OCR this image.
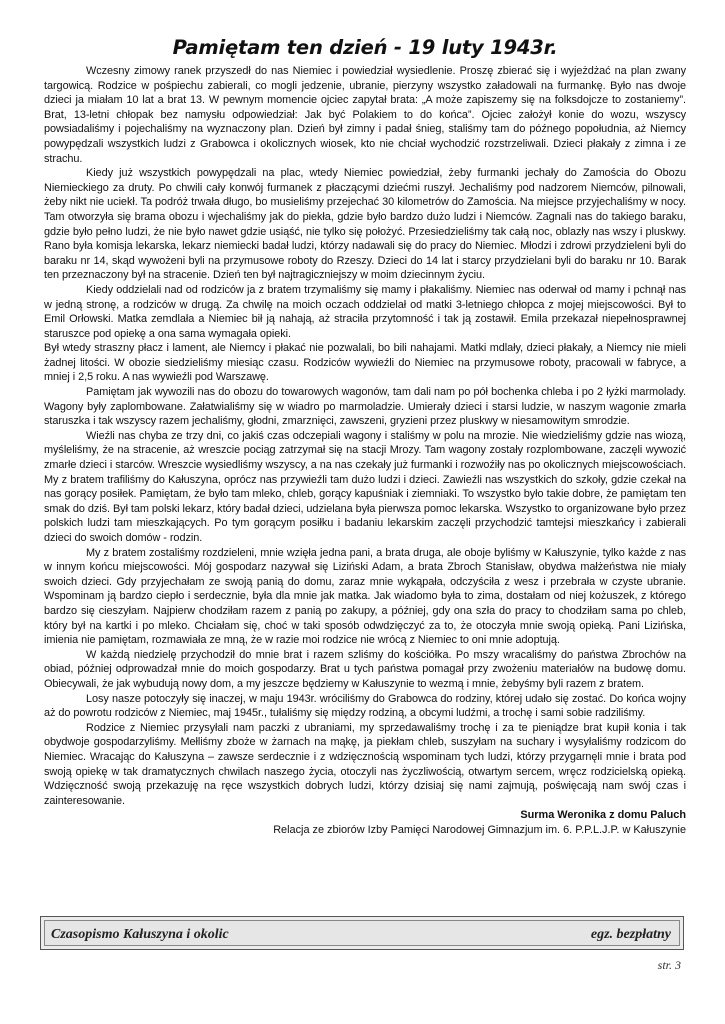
Pamiętam ten dzień - 19 luty 1943r.

Wczesny zimowy ranek przyszedł do nas Niemiec i powiedział wysiedlenie. Proszę zbierać się i wyjeżdżać na plan zwany targowicą. Rodzice w pośpiechu zabierali, co mogli jedzenie, ubranie, pierzyny wszystko załadowali na furmankę. Było nas dwoje dzieci ja miałam 10 lat a brat 13. W pewnym momencie ojciec zapytał brata: „A może zapiszemy się na folksdojcze to zostaniemy”. Brat, 13-letni chłopak bez namysłu odpowiedział: Jak być Polakiem to do końca”. Ojciec założył konie do wozu, wszyscy powsiadaliśmy i pojechaliśmy na wyznaczony plan. Dzień był zimny i padał śnieg, staliśmy tam do późnego popołudnia, aż Niemcy powypędzali wszystkich ludzi z Grabowca i okolicznych wiosek, kto nie chciał wychodzić rozstrzeliwali. Dzieci płakały z zimna i ze strachu.

Kiedy już wszystkich powypędzali na plac, wtedy Niemiec powiedział, żeby furmanki jechały do Zamościa do Obozu Niemieckiego za druty. Po chwili cały konwój furmanek z płaczącymi dziećmi ruszył. Jechaliśmy pod nadzorem Niemców, pilnowali, żeby nikt nie uciekł. Ta podróż trwała długo, bo musieliśmy przejechać 30 kilometrów do Zamościa. Na miejsce przyjechaliśmy w nocy. Tam otworzyła się brama obozu i wjechaliśmy jak do piekła, gdzie było bardzo dużo ludzi i Niemców. Zagnali nas do takiego baraku, gdzie było pełno ludzi, że nie było nawet gdzie usiąść, nie tylko się położyć. Przesiedzieliśmy tak całą noc, oblazły nas wszy i pluskwy. Rano była komisja lekarska, lekarz niemiecki badał ludzi, którzy nadawali się do pracy do Niemiec. Młodzi i zdrowi przydzieleni byli do baraku nr 14, skąd wywożeni byli na przymusowe roboty do Rzeszy. Dzieci do 14 lat i starcy przydzielani byli do baraku nr 10. Barak ten przeznaczony był na stracenie. Dzień ten był najtragiczniejszy w moim dziecinnym życiu.

Kiedy oddzielali nad od rodziców ja z bratem trzymaliśmy się mamy i płakaliśmy. Niemiec nas oderwał od mamy i pchnął nas w jedną stronę, a rodziców w drugą. Za chwilę na moich oczach oddzielał od matki 3-letniego chłopca z mojej miejscowości. Był to Emil Orłowski. Matka zemdlała a Niemiec bił ją nahają, aż straciła przytomność i tak ją zostawił. Emila przekazał niepełnosprawnej staruszce pod opiekę a ona sama wymagała opieki.

Był wtedy straszny płacz i lament, ale Niemcy i płakać nie pozwalali, bo bili nahajami. Matki mdlały, dzieci płakały, a Niemcy nie mieli żadnej litości. W obozie siedzieliśmy miesiąc czasu. Rodziców wywieźli do Niemiec na przymusowe roboty, pracowali w fabryce, a mniej i 2,5 roku. A nas wywieźli pod Warszawę.

Pamiętam jak wywozili nas do obozu do towarowych wagonów, tam dali nam po pół bochenka chleba i po 2 łyżki marmolady. Wagony były zaplombowane. Załatwialiśmy się w wiadro po marmoladzie. Umierały dzieci i starsi ludzie, w naszym wagonie zmarła staruszka i tak wszyscy razem jechaliśmy, głodni, zmarznięci, zawszeni, gryzieni przez pluskwy w niesamowitym smrodzie.

Wieźli nas chyba ze trzy dni, co jakiś czas odczepiali wagony i staliśmy w polu na mrozie. Nie wiedzieliśmy gdzie nas wiozą, myśleliśmy, że na stracenie, aż wreszcie pociąg zatrzymał się na stacji Mrozy. Tam wagony zostały rozplombowane, zaczęli wywozić zmarłe dzieci i starców. Wreszcie wysiedliśmy wszyscy, a na nas czekały już furmanki i rozwoźiły nas po okolicznych miejscowościach. My z bratem trafiliśmy do Kałuszyna, oprócz nas przywieźli tam dużo ludzi i dzieci. Zawieźli nas wszystkich do szkoły, gdzie czekał na nas gorący posiłek. Pamiętam, że było tam mleko, chleb, gorący kapuśniak i ziemniaki. To wszystko było takie dobre, że pamiętam ten smak do dziś. Był tam polski lekarz, który badał dzieci, udzielana była pierwsza pomoc lekarska. Wszystko to organizowane było przez polskich ludzi tam mieszkających. Po tym gorącym posiłku i badaniu lekarskim zaczęli przychodzić tamtejsi mieszkańcy i zabierali dzieci do swoich domów - rodzin.

My z bratem zostaliśmy rozdzieleni, mnie wzięła jedna pani, a brata druga, ale oboje byliśmy w Kałuszynie, tylko każde z nas w innym końcu miejscowości. Mój gospodarz nazywał się Liziński Adam, a brata Zbroch Stanisław, obydwa małżeństwa nie miały swoich dzieci. Gdy przyjechałam ze swoją panią do domu, zaraz mnie wykąpała, odczyściła z wesz i przebrała w czyste ubranie. Wspominam ją bardzo ciepło i serdecznie, była dla mnie jak matka. Jak wiadomo była to zima, dostałam od niej kożuszek, z którego bardzo się cieszyłam. Najpierw chodziłam razem z panią po zakupy, a później, gdy ona szła do pracy to chodziłam sama po chleb, który był na kartki i po mleko. Chciałam się, choć w taki sposób odwdzięczyć za to, że otoczyła mnie swoją opieką. Pani Lizińska, imienia nie pamiętam, rozmawiała ze mną, że w razie moi rodzice nie wrócą z Niemiec to oni mnie adoptują.

W każdą niedzielę przychodził do mnie brat i razem szliśmy do kościółka. Po mszy wracaliśmy do państwa Zbrochów na obiad, później odprowadzał mnie do moich gospodarzy. Brat u tych państwa pomagał przy zwożeniu materiałów na budowę domu. Obiecywali, że jak wybudują nowy dom, a my jeszcze będziemy w Kałuszynie to wezmą i mnie, żebyśmy byli razem z bratem.

Losy nasze potoczyły się inaczej, w maju 1943r. wróciliśmy do Grabowca do rodziny, której udało się zostać. Do końca wojny aż do powrotu rodziców z Niemiec, maj 1945r., tułaliśmy się między rodziną, a obcymi ludźmi, a trochę i sami sobie radziliśmy.

Rodzice z Niemiec przysyłali nam paczki z ubraniami, my sprzedawaliśmy trochę i za te pieniądze brat kupił konia i tak obydwoje gospodarzyliśmy. Mełliśmy zboże w żarnach na mąkę, ja piekłam chleb, suszyłam na suchary i wysyłaliśmy rodzicom do Niemiec. Wracając do Kałuszyna – zawsze serdecznie i z wdzięcznością wspominam tych ludzi, którzy przygarnęli mnie i brata pod swoją opiekę w tak dramatycznych chwilach naszego życia, otoczyli nas życzliwością, otwartym sercem, wręcz rodzicielską opieką. Wdzięczność swoją przekazuję na ręce wszystkich dobrych ludzi, którzy dzisiaj się nami zajmują, poświęcają nam swój czas i zainteresowanie.

Surma Weronika z domu Paluch
Relacja ze zbiorów Izby Pamięci Narodowej Gimnazjum im. 6. P.P.L.J.P. w Kałuszynie
Czasopismo Kałuszyna i okolic	egz. bezpłatny
str. 3
